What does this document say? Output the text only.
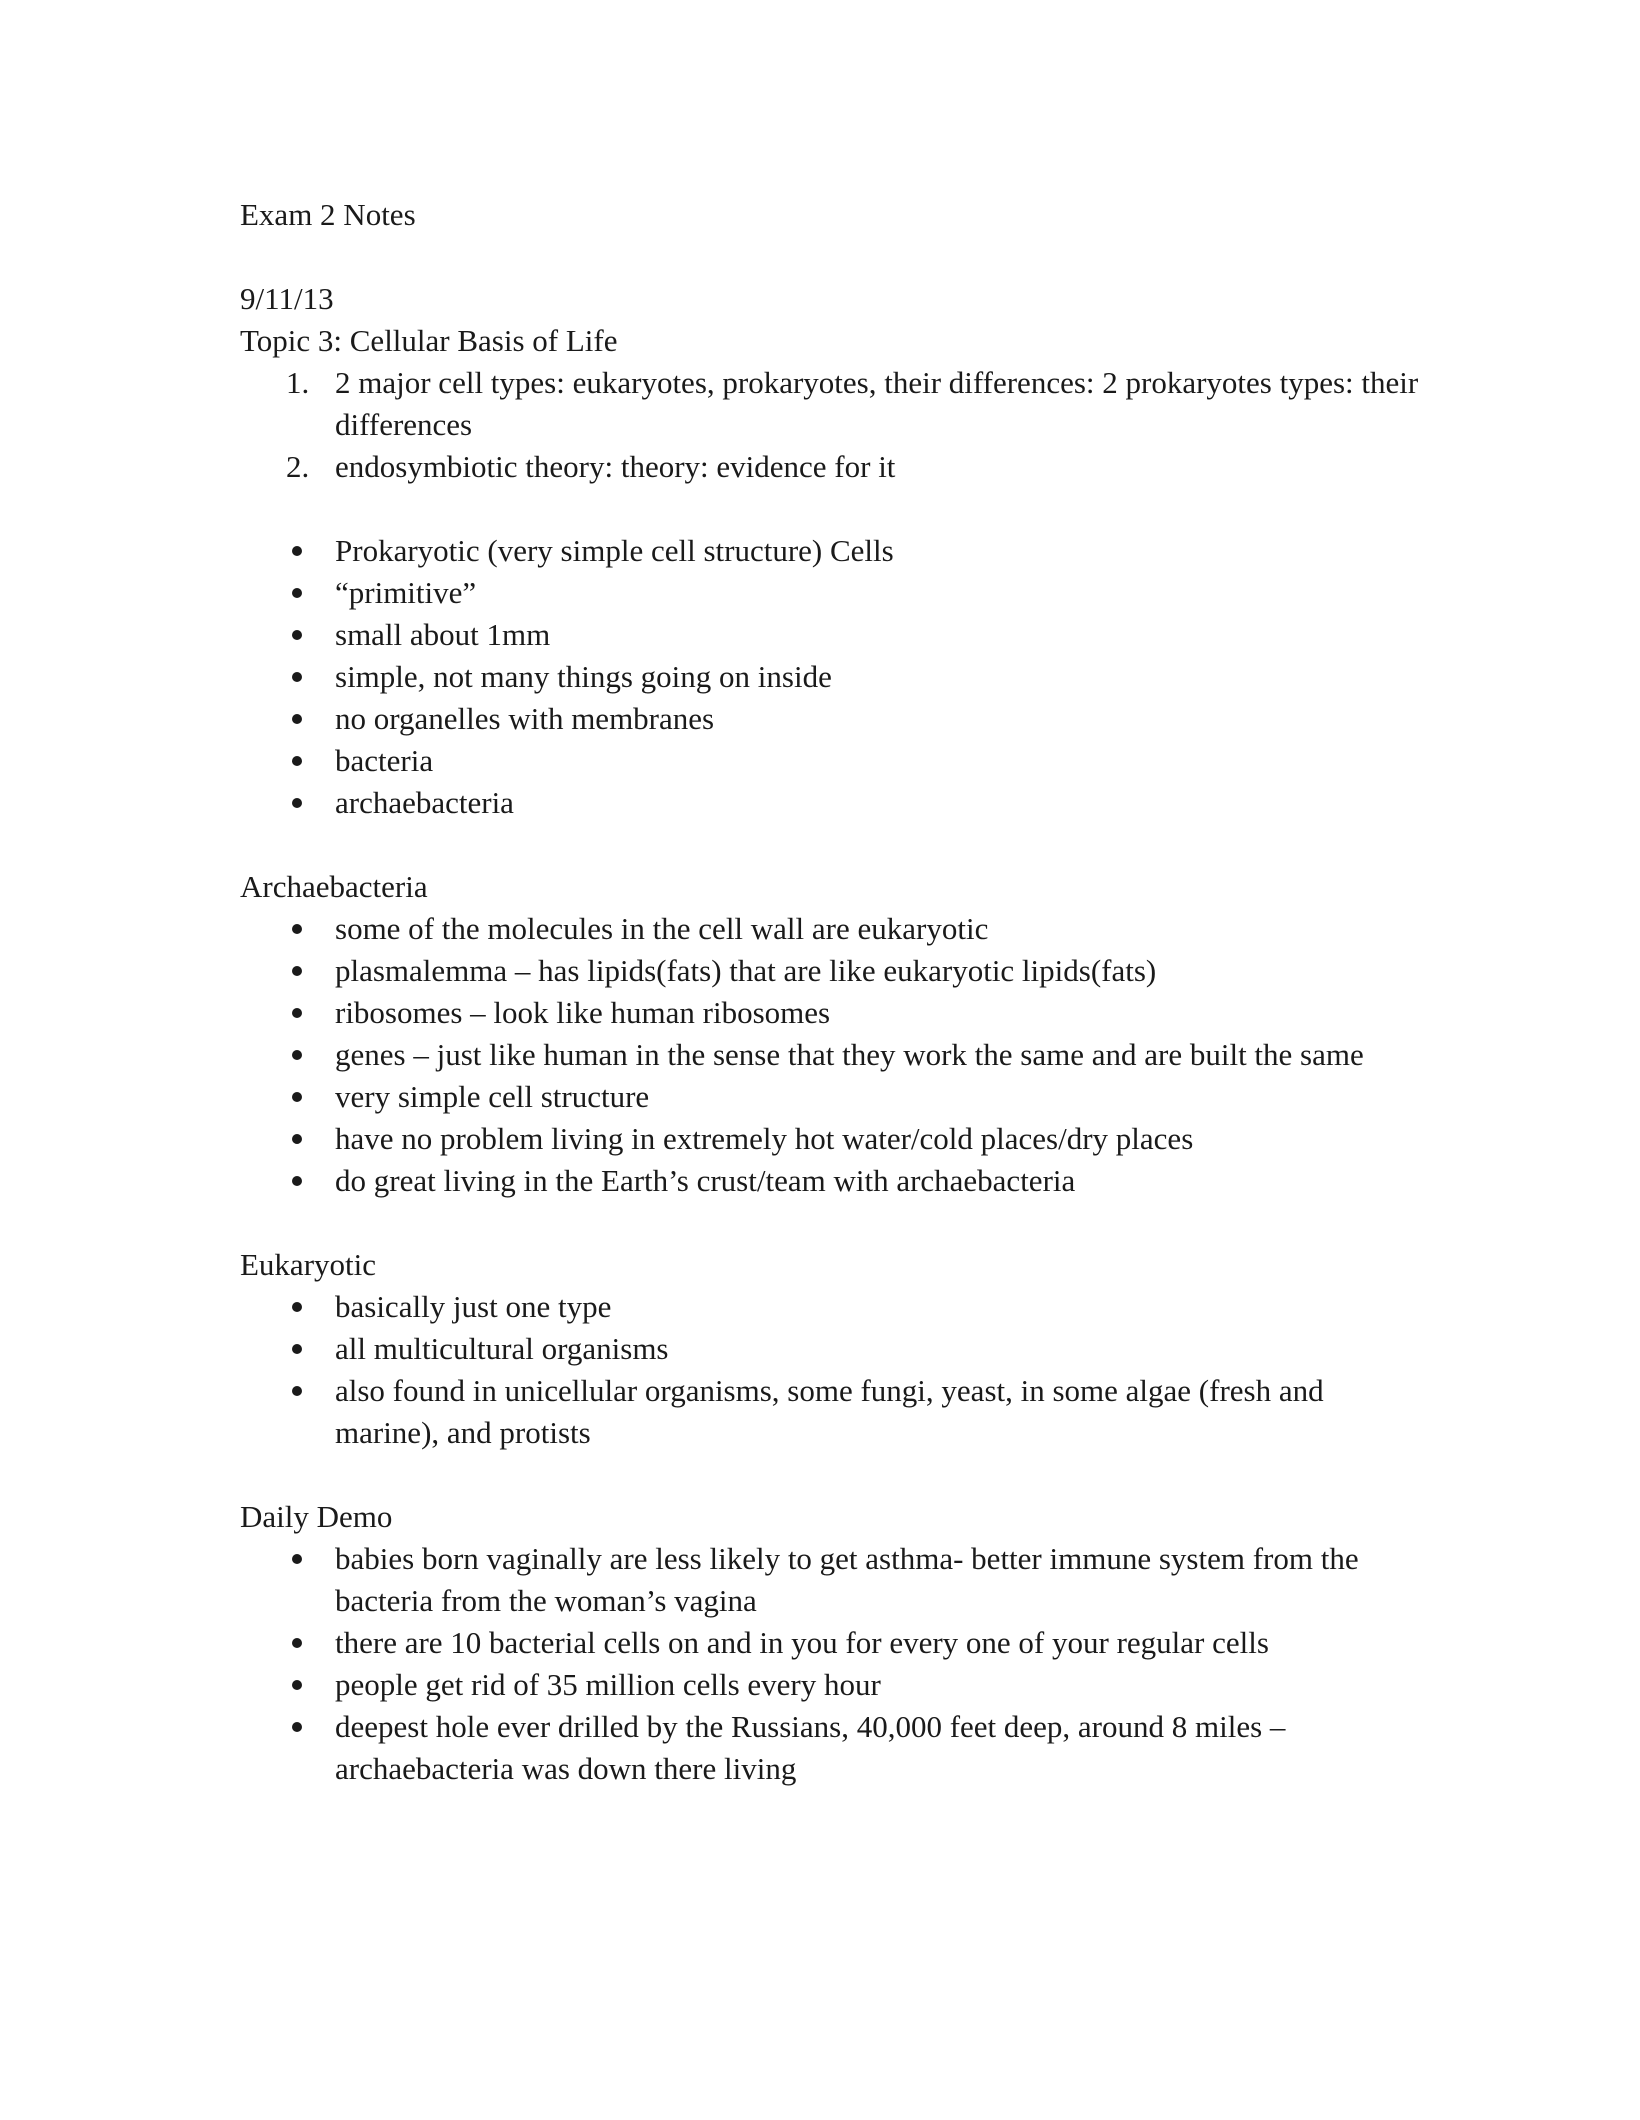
Exam 2 Notes

9/11/13

Topic 3: Cellular Basis of Life

1. 2 major cell types: eukaryotes, prokaryotes, their differences: 2 prokaryotes types: their differences
2. endosymbiotic theory: theory: evidence for it
Prokaryotic (very simple cell structure) Cells
“primitive”
small about 1mm
simple, not many things going on inside
no organelles with membranes
bacteria
archaebacteria

Archaebacteria

some of the molecules in the cell wall are eukaryotic
plasmalemma – has lipids(fats) that are like eukaryotic lipids(fats)
ribosomes – look like human ribosomes
genes – just like human in the sense that they work the same and are built the same
very simple cell structure
have no problem living in extremely hot water/cold places/dry places
do great living in the Earth’s crust/team with archaebacteria

Eukaryotic

basically just one type
all multicultural organisms
also found in unicellular organisms, some fungi, yeast, in some algae (fresh and marine), and protists

Daily Demo

babies born vaginally are less likely to get asthma- better immune system from the bacteria from the woman’s vagina
there are 10 bacterial cells on and in you for every one of your regular cells
people get rid of 35 million cells every hour
deepest hole ever drilled by the Russians, 40,000 feet deep, around 8 miles – archaebacteria was down there living
